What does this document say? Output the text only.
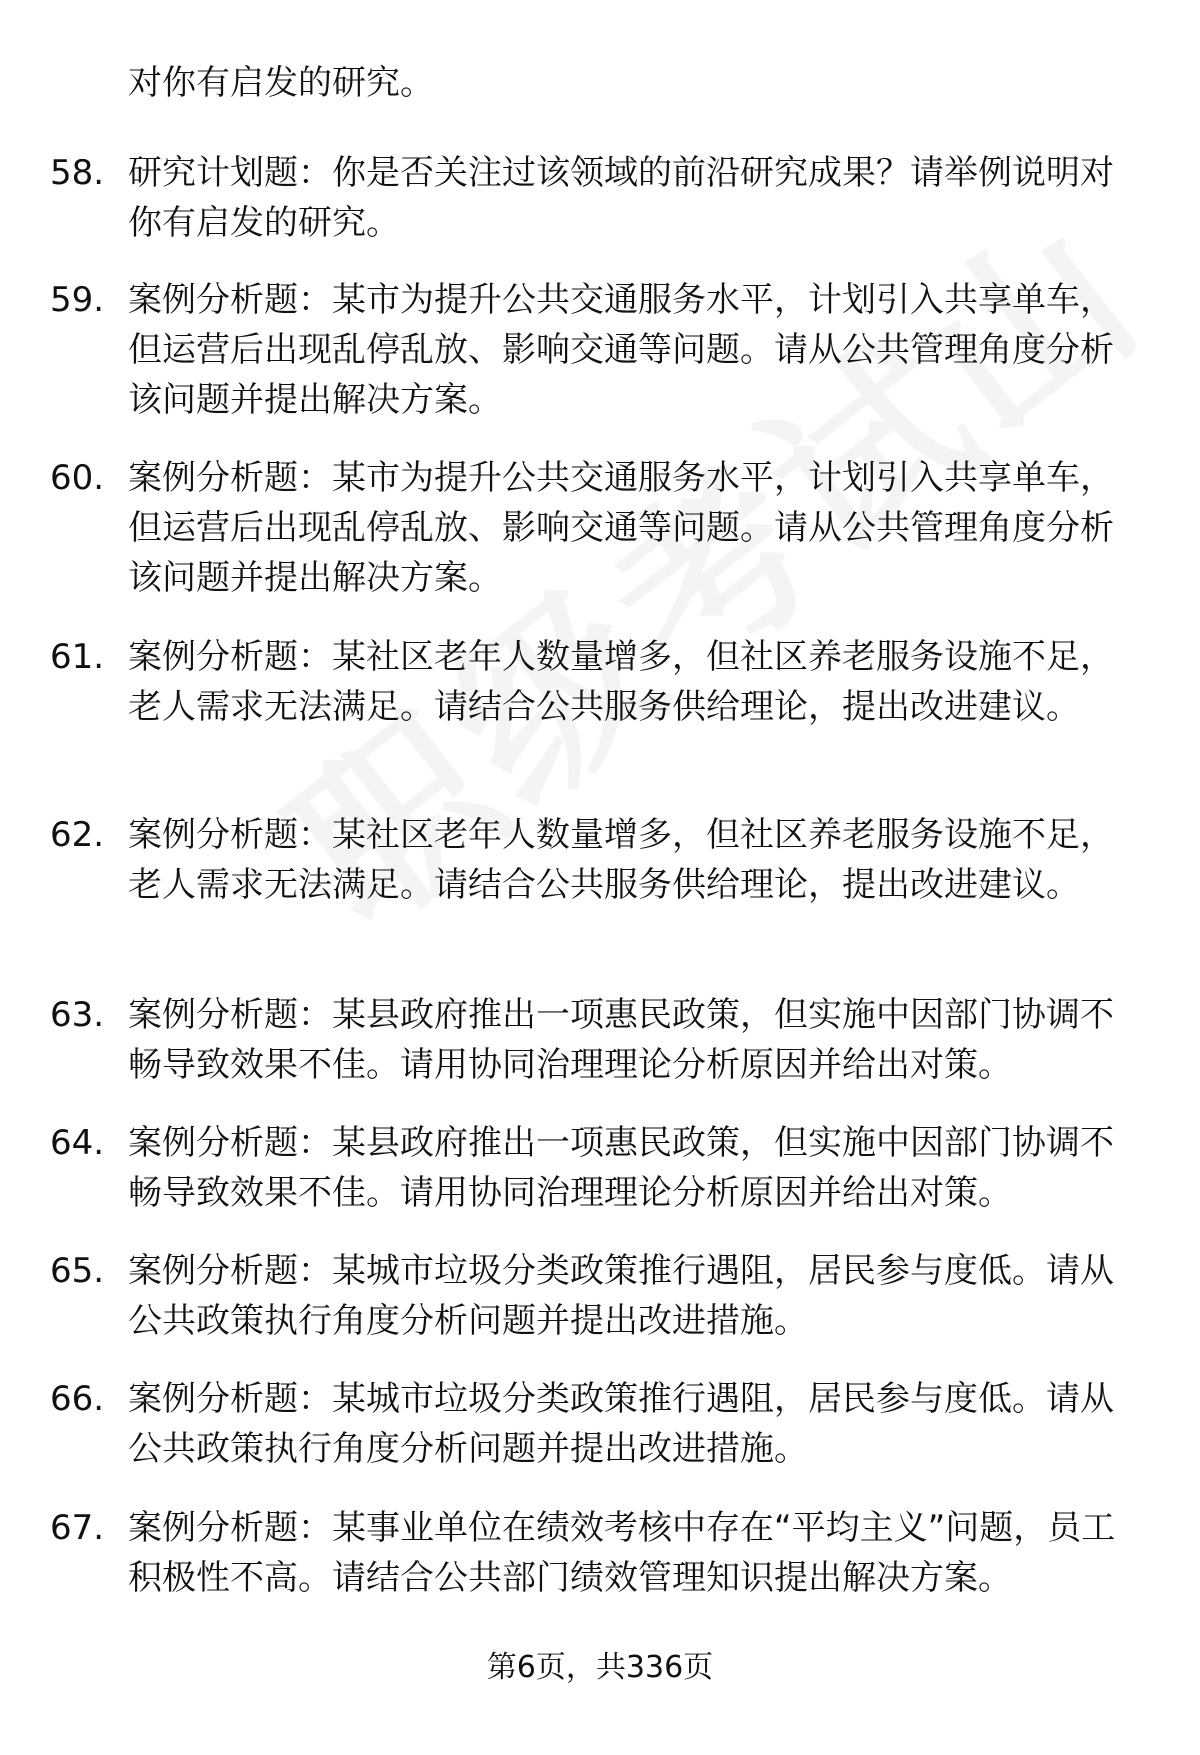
对你有启发的研究。
58. 研究计划题：你是否关注过该领域的前沿研究成果？请举例说明对你有启发的研究。
59. 案例分析题：某市为提升公共交通服务水平，计划引入共享单车，但运营后出现乱停乱放、影响交通等问题。请从公共管理角度分析该问题并提出解决方案。
60. 案例分析题：某市为提升公共交通服务水平，计划引入共享单车，但运营后出现乱停乱放、影响交通等问题。请从公共管理角度分析该问题并提出解决方案。
61. 案例分析题：某社区老年人数量增多，但社区养老服务设施不足，老人需求无法满足。请结合公共服务供给理论，提出改进建议。
62. 案例分析题：某社区老年人数量增多，但社区养老服务设施不足，老人需求无法满足。请结合公共服务供给理论，提出改进建议。
63. 案例分析题：某县政府推出一项惠民政策，但实施中因部门协调不畅导致效果不佳。请用协同治理理论分析原因并给出对策。
64. 案例分析题：某县政府推出一项惠民政策，但实施中因部门协调不畅导致效果不佳。请用协同治理理论分析原因并给出对策。
65. 案例分析题：某城市垃圾分类政策推行遇阻，居民参与度低。请从公共政策执行角度分析问题并提出改进措施。
66. 案例分析题：某城市垃圾分类政策推行遇阻，居民参与度低。请从公共政策执行角度分析问题并提出改进措施。
67. 案例分析题：某事业单位在绩效考核中存在“平均主义”问题，员工积极性不高。请结合公共部门绩效管理知识提出解决方案。
第6页，共336页
